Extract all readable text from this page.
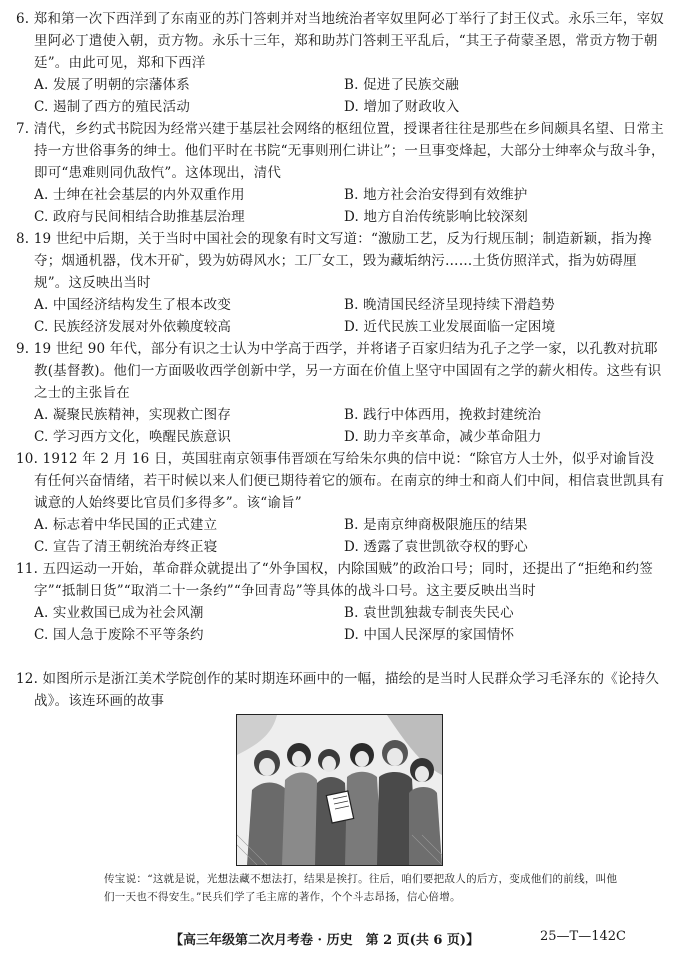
6. 郑和第一次下西洋到了东南亚的苏门答剌并对当地统治者宰奴里阿必丁举行了封王仪式。永乐三年，宰奴里阿必丁遣使入朝，贡方物。永乐十三年，郑和助苏门答剌王平乱后，“其王子荷蒙圣恩，常贡方物于朝廷”。由此可见，郑和下西洋

A. 发展了明朝的宗藩体系	B. 促进了民族交融
C. 遏制了西方的殖民活动	D. 增加了财政收入

7. 清代，乡约式书院因为经常兴建于基层社会网络的枢纽位置，授课者往往是那些在乡间颇具名望、日常主持一方世俗事务的绅士。他们平时在书院“无事则刑仁讲让”；一旦事变烽起，大部分士绅率众与敌斗争，即可“患难则同仇敌忾”。这体现出，清代

A. 士绅在社会基层的内外双重作用	B. 地方社会治安得到有效维护
C. 政府与民间相结合助推基层治理	D. 地方自治传统影响比较深刻

8. 19 世纪中后期，关于当时中国社会的现象有时文写道：“激励工艺，反为行规压制；制造新颖，指为搀夺；烟通机器，伐木开矿，毁为妨碍风水；工厂女工，毁为藏垢纳污……土货仿照洋式，指为妨碍厘规”。这反映出当时

A. 中国经济结构发生了根本改变	B. 晚清国民经济呈现持续下滑趋势
C. 民族经济发展对外依赖度较高	D. 近代民族工业发展面临一定困境

9. 19 世纪 90 年代，部分有识之士认为中学高于西学，并将诸子百家归结为孔子之学一家，以孔教对抗耶教(基督教)。他们一方面吸收西学创新中学，另一方面在价值上坚守中国固有之学的薪火相传。这些有识之士的主张旨在

A. 凝聚民族精神，实现救亡图存	B. 践行中体西用，挽救封建统治
C. 学习西方文化，唤醒民族意识	D. 助力辛亥革命，减少革命阻力

10. 1912 年 2 月 16 日，英国驻南京领事伟晋颂在写给朱尔典的信中说：“除官方人士外，似乎对谕旨没有任何兴奋情绪，若干时候以来人们便已期待着它的颁布。在南京的绅士和商人们中间，相信袁世凯具有诚意的人始终要比官员们多得多”。该“谕旨”

A. 标志着中华民国的正式建立	B. 是南京绅商极限施压的结果
C. 宣告了清王朝统治寿终正寝	D. 透露了袁世凯欲夺权的野心

11. 五四运动一开始，革命群众就提出了“外争国权，内除国贼”的政治口号；同时，还提出了“拒绝和约签字”“抵制日货”“取消二十一条约”“争回青岛”等具体的战斗口号。这主要反映出当时

A. 实业救国已成为社会风潮	B. 袁世凯独裁专制丧失民心
C. 国人急于废除不平等条约	D. 中国人民深厚的家国情怀

12. 如图所示是浙江美术学院创作的某时期连环画中的一幅，描绘的是当时人民群众学习毛泽东的《论持久战》。该连环画的故事

传宝说：“这就是说，光想法藏不想法打，结果是挨打。往后，咱们要把敌人的后方，变成他们的前线，叫他们一天也不得安生。”民兵们学了毛主席的著作，个个斗志昂扬，信心倍增。
【高三年级第二次月考卷 · 历史　第 2 页(共 6 页)】	25—T—142C
